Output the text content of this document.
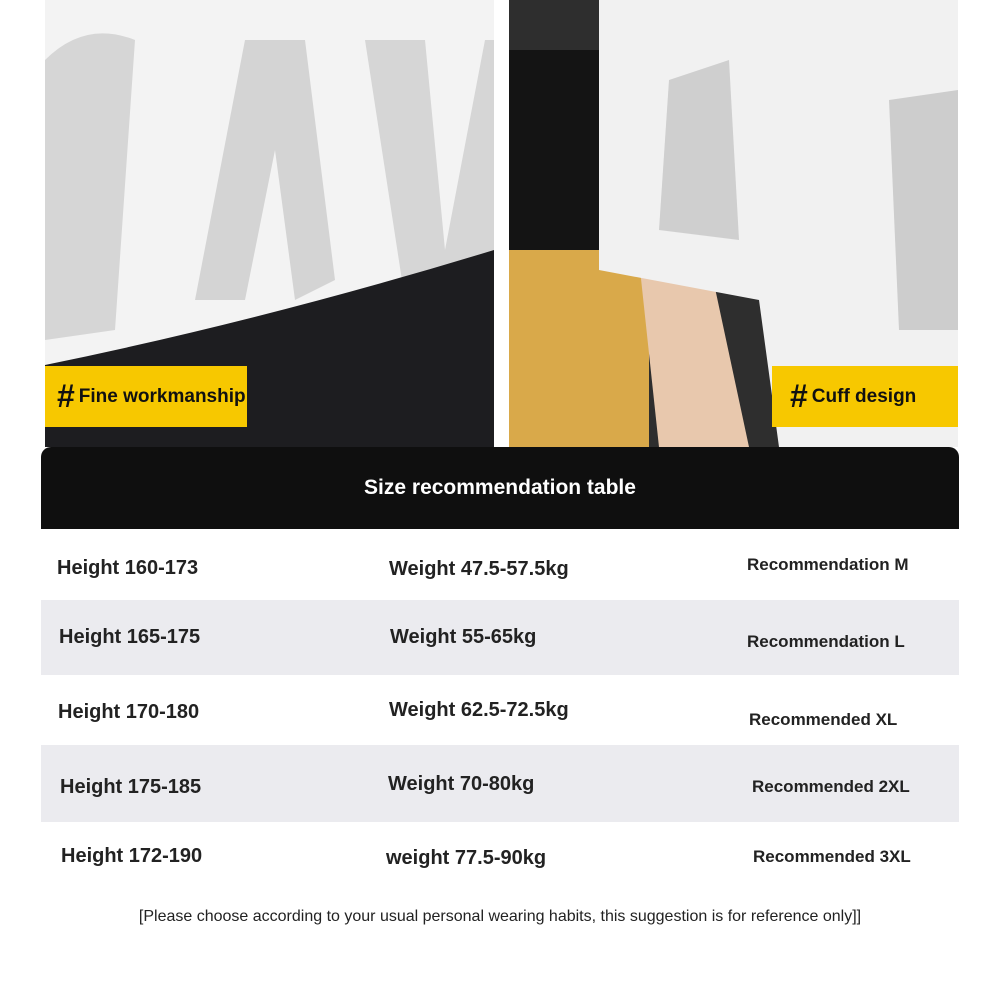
# Fine workmanship	# Cuff design
Size recommendation table
Height 160-173	Weight 47.5-57.5kg	Recommendation M
Height 165-175	Weight 55-65kg	Recommendation L
Height 170-180	Weight 62.5-72.5kg	Recommended XL
Height 175-185	Weight 70-80kg	Recommended 2XL
Height 172-190	weight 77.5-90kg	Recommended 3XL
[Please choose according to your usual personal wearing habits, this suggestion is for reference only]]
